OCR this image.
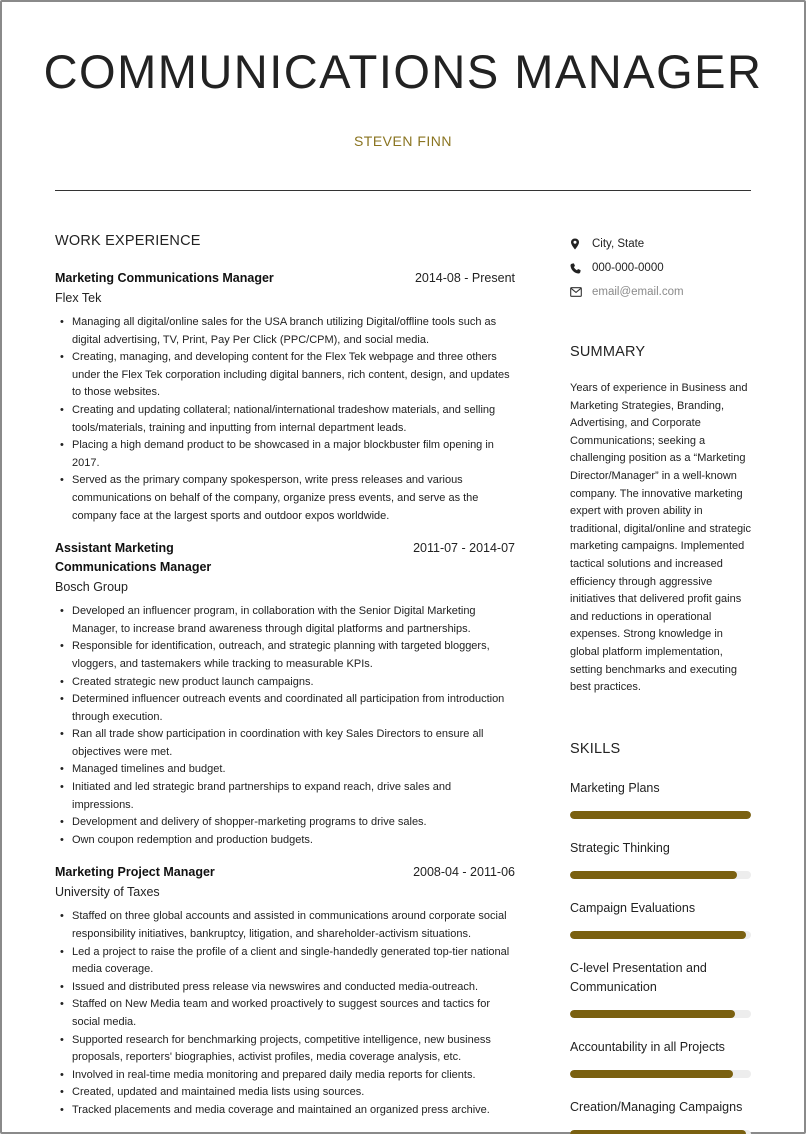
COMMUNICATIONS MANAGER
STEVEN FINN
WORK EXPERIENCE
Marketing Communications Manager	2014-08 - Present
Flex Tek
• Managing all digital/online sales for the USA branch utilizing Digital/offline tools such as digital advertising, TV, Print, Pay Per Click (PPC/CPM), and social media.
• Creating, managing, and developing content for the Flex Tek webpage and three others under the Flex Tek corporation including digital banners, rich content, design, and updates to those websites.
• Creating and updating collateral; national/international tradeshow materials, and selling tools/materials, training and inputting from internal department leads.
• Placing a high demand product to be showcased in a major blockbuster film opening in 2017.
• Served as the primary company spokesperson, write press releases and various communications on behalf of the company, organize press events, and serve as the company face at the largest sports and outdoor expos worldwide.
Assistant Marketing Communications Manager
2011-07 - 2014-07
Bosch Group
• Developed an influencer program, in collaboration with the Senior Digital Marketing Manager, to increase brand awareness through digital platforms and partnerships.
• Responsible for identification, outreach, and strategic planning with targeted bloggers, vloggers, and tastemakers while tracking to measurable KPIs.
• Created strategic new product launch campaigns.
• Determined influencer outreach events and coordinated all participation from introduction through execution.
• Ran all trade show participation in coordination with key Sales Directors to ensure all objectives were met.
• Managed timelines and budget.
• Initiated and led strategic brand partnerships to expand reach, drive sales and impressions.
• Development and delivery of shopper-marketing programs to drive sales.
• Own coupon redemption and production budgets.
Marketing Project Manager	2008-04 - 2011-06
University of Taxes
• Staffed on three global accounts and assisted in communications around corporate social responsibility initiatives, bankruptcy, litigation, and shareholder-activism situations.
• Led a project to raise the profile of a client and single-handedly generated top-tier national media coverage.
• Issued and distributed press release via newswires and conducted media-outreach.
• Staffed on New Media team and worked proactively to suggest sources and tactics for social media.
• Supported research for benchmarking projects, competitive intelligence, new business proposals, reporters' biographies, activist profiles, media coverage analysis, etc.
• Involved in real-time media monitoring and prepared daily media reports for clients.
• Created, updated and maintained media lists using sources.
• Tracked placements and media coverage and maintained an organized press archive.
City, State
000-000-0000
email@email.com
SUMMARY
Years of experience in Business and Marketing Strategies, Branding, Advertising, and Corporate Communications; seeking a challenging position as a “Marketing Director/Manager” in a well-known company. The innovative marketing expert with proven ability in traditional, digital/online and strategic marketing campaigns. Implemented tactical solutions and increased efficiency through aggressive initiatives that delivered profit gains and reductions in operational expenses. Strong knowledge in global platform implementation, setting benchmarks and executing best practices.
SKILLS
Marketing Plans
Strategic Thinking
Campaign Evaluations
C-level Presentation and Communication
Accountability in all Projects
Creation/Managing Campaigns
